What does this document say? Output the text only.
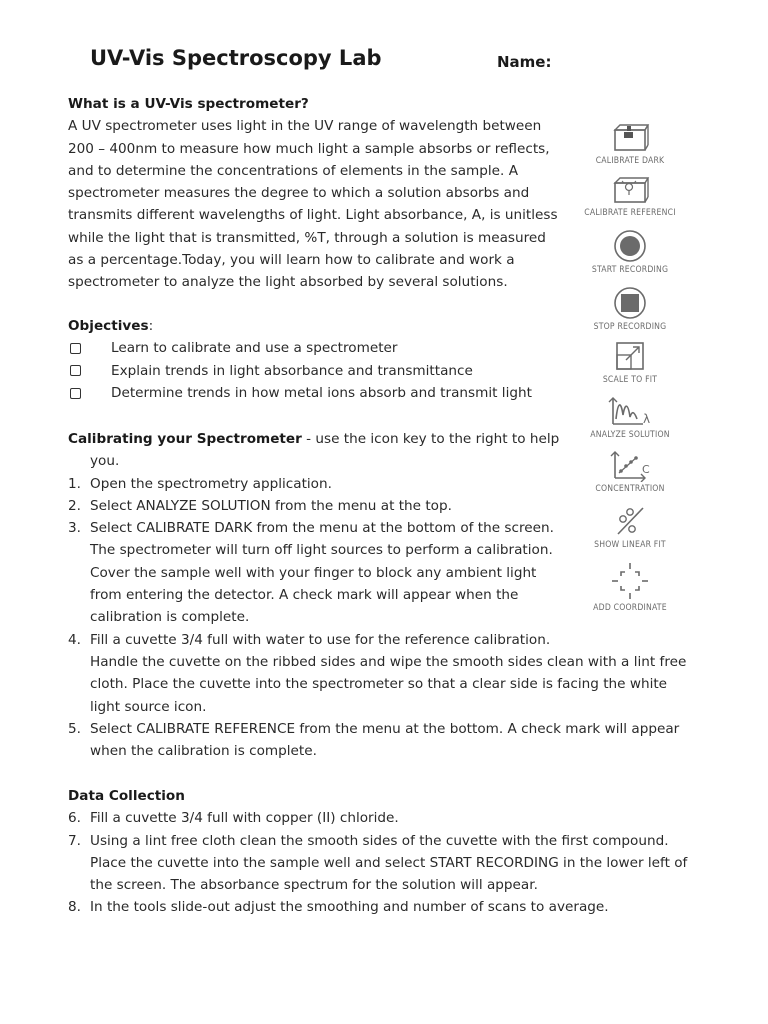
UV-Vis Spectroscopy Lab	Name:
What is a UV-Vis spectrometer?
A UV spectrometer uses light in the UV range of wavelength between
200 – 400nm to measure how much light a sample absorbs or reflects,
and to determine the concentrations of elements in the sample. A
spectrometer measures the degree to which a solution absorbs and
transmits different wavelengths of light. Light absorbance, A, is unitless
while the light that is transmitted, %T, through a solution is measured
as a percentage.Today, you will learn how to calibrate and work a
spectrometer to analyze the light absorbed by several solutions.
Objectives:
Learn to calibrate and use a spectrometer
Explain trends in light absorbance and transmittance
Determine trends in how metal ions absorb and transmit light
Calibrating your Spectrometer - use the icon key to the right to help
you.
1. Open the spectrometry application.
2. Select ANALYZE SOLUTION from the menu at the top.
3. Select CALIBRATE DARK from the menu at the bottom of the screen.
The spectrometer will turn off light sources to perform a calibration.
Cover the sample well with your finger to block any ambient light
from entering the detector. A check mark will appear when the
calibration is complete.
4. Fill a cuvette 3/4 full with water to use for the reference calibration.
Handle the cuvette on the ribbed sides and wipe the smooth sides clean with a lint free
cloth. Place the cuvette into the spectrometer so that a clear side is facing the white
light source icon.
5. Select CALIBRATE REFERENCE from the menu at the bottom. A check mark will appear
when the calibration is complete.
Data Collection
6. Fill a cuvette 3/4 full with copper (II) chloride.
7. Using a lint free cloth clean the smooth sides of the cuvette with the first compound.
Place the cuvette into the sample well and select START RECORDING in the lower left of
the screen. The absorbance spectrum for the solution will appear.
8. In the tools slide-out adjust the smoothing and number of scans to average.
CALIBRATE DARK
CALIBRATE REFERENCI
START RECORDING
STOP RECORDING
SCALE TO FIT
λ
ANALYZE SOLUTION
C
CONCENTRATION
SHOW LINEAR FIT
ADD COORDINATE
